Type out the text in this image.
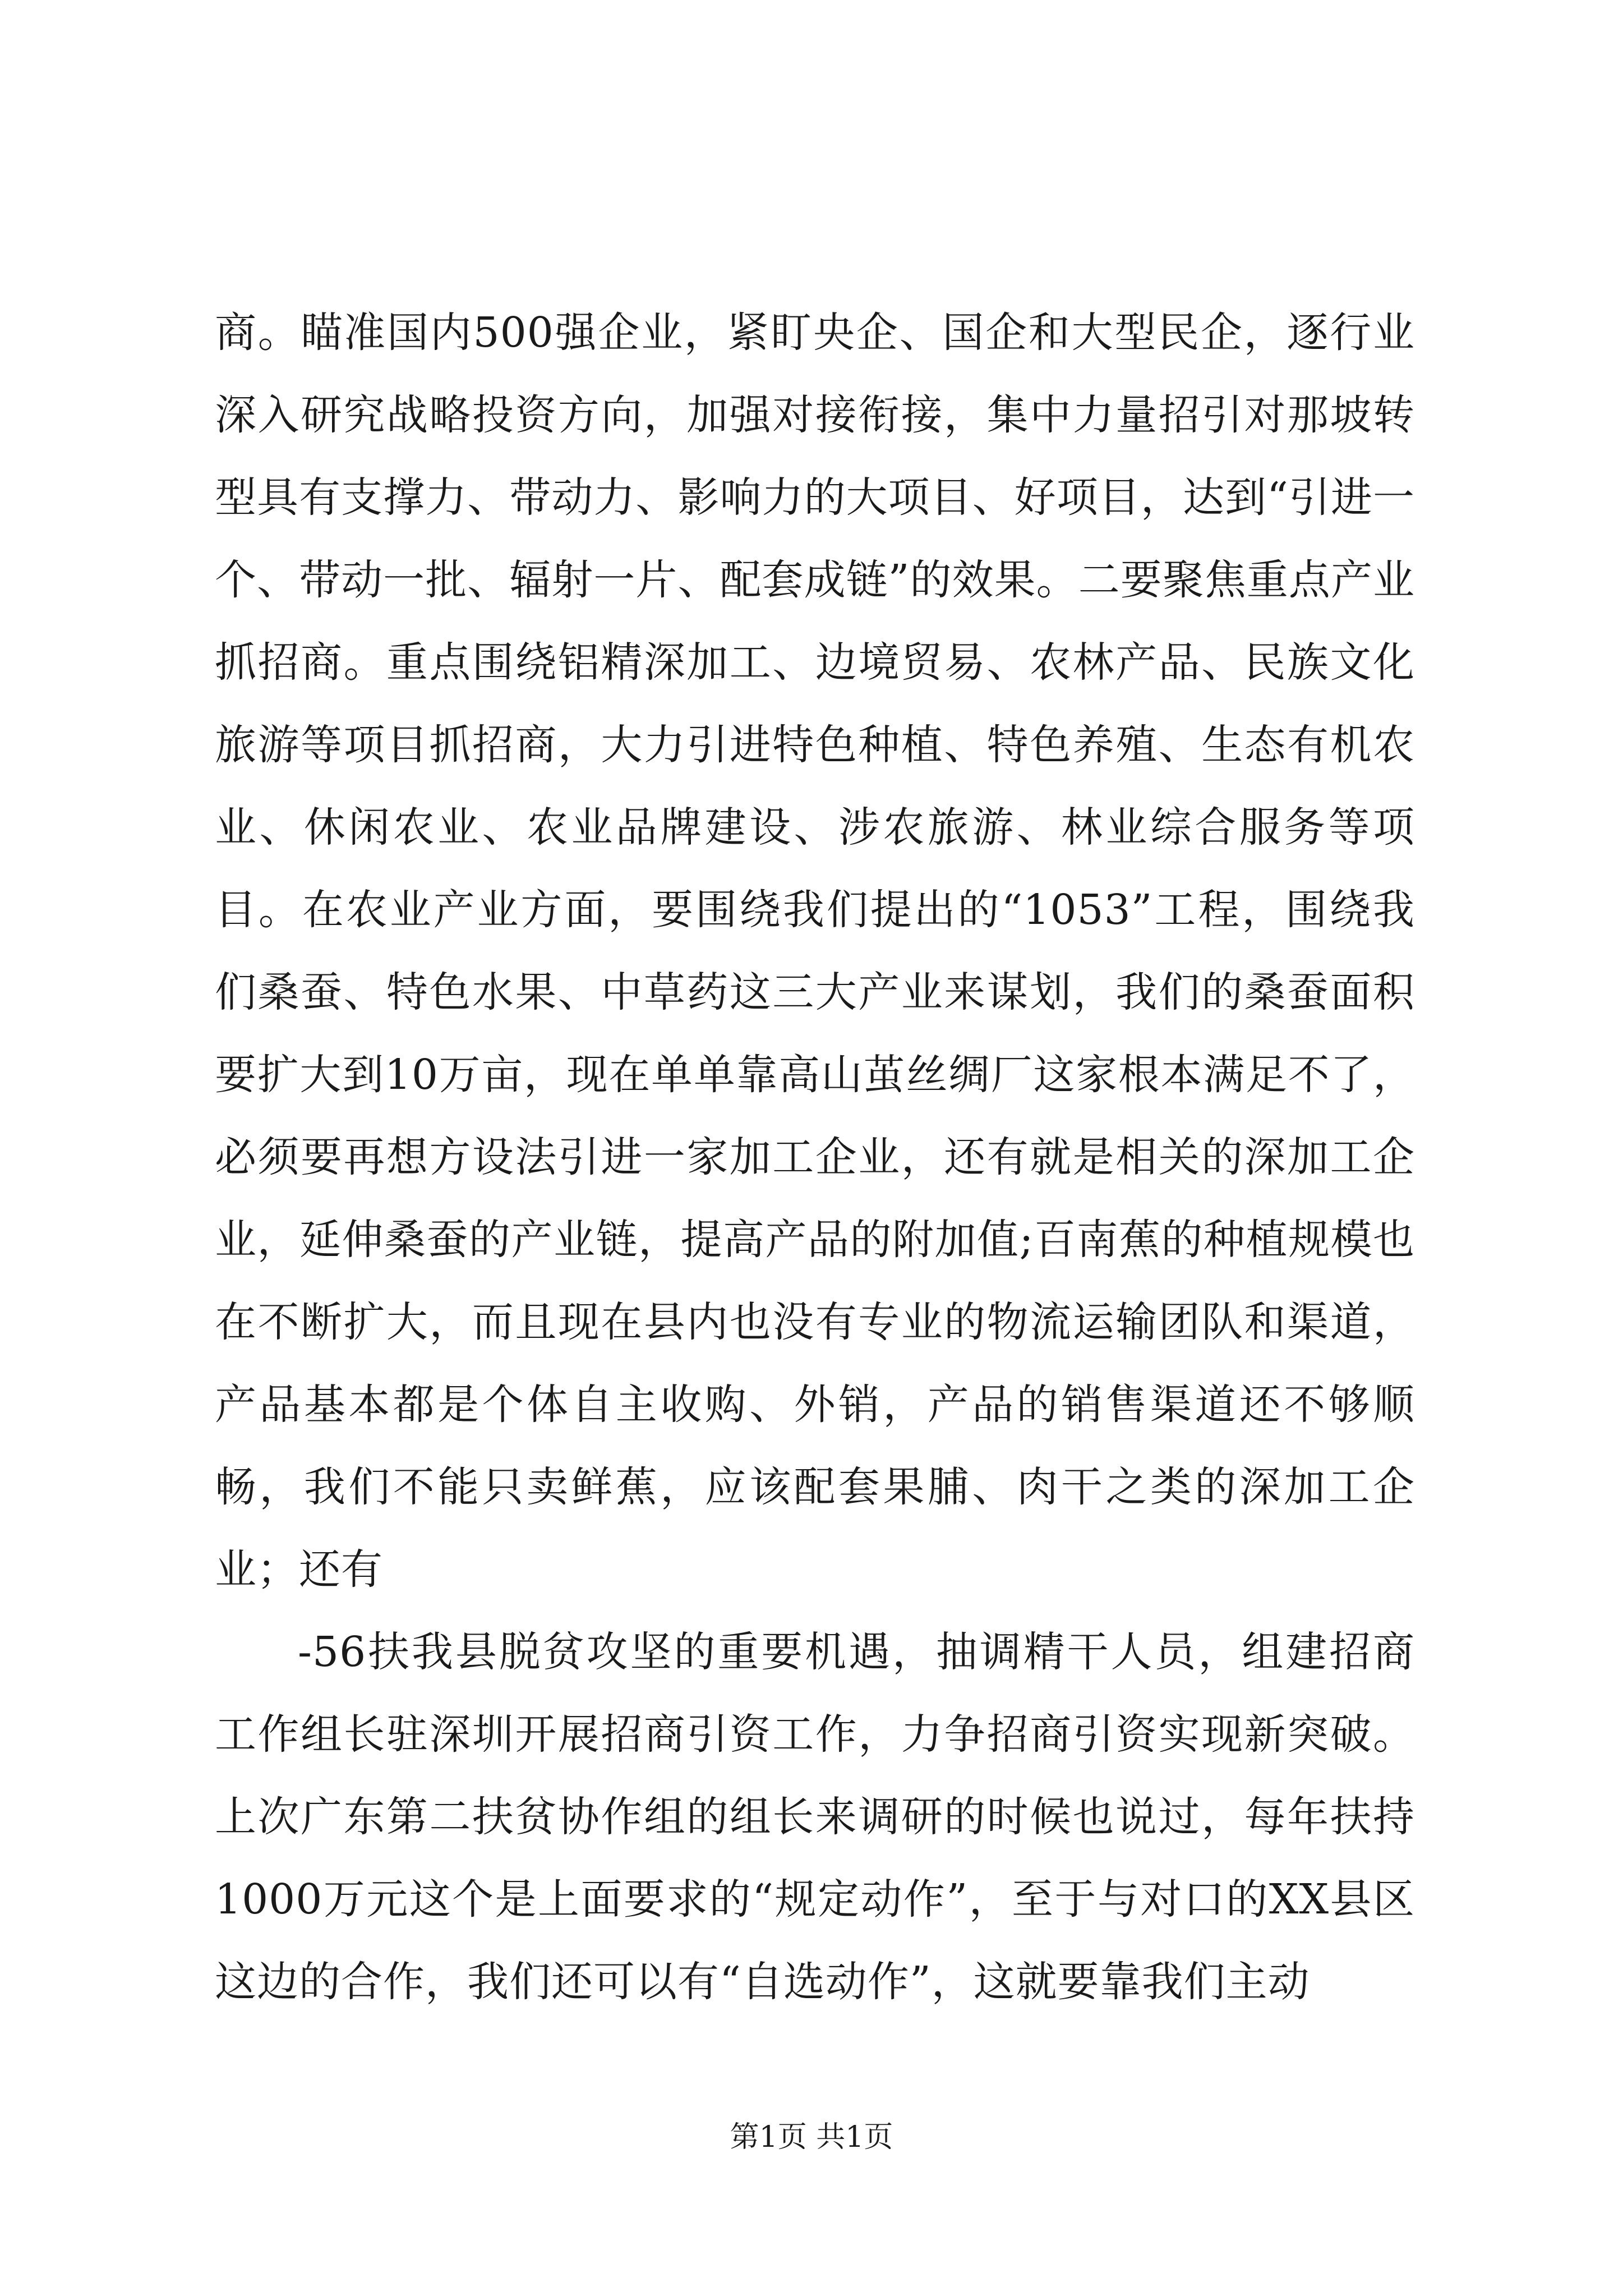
商。瞄准国内500强企业，紧盯央企、国企和大型民企，逐行业深入研究战略投资方向，加强对接衔接，集中力量招引对那坡转型具有支撑力、带动力、影响力的大项目、好项目，达到“引进一个、带动一批、辐射一片、配套成链”的效果。二要聚焦重点产业抓招商。重点围绕铝精深加工、边境贸易、农林产品、民族文化旅游等项目抓招商，大力引进特色种植、特色养殖、生态有机农业、休闲农业、农业品牌建设、涉农旅游、林业综合服务等项目。在农业产业方面，要围绕我们提出的“1053”工程，围绕我们桑蚕、特色水果、中草药这三大产业来谋划，我们的桑蚕面积要扩大到10万亩，现在单单靠高山茧丝绸厂这家根本满足不了，必须要再想方设法引进一家加工企业，还有就是相关的深加工企业，延伸桑蚕的产业链，提高产品的附加值;百南蕉的种植规模也在不断扩大，而且现在县内也没有专业的物流运输团队和渠道，产品基本都是个体自主收购、外销，产品的销售渠道还不够顺畅，我们不能只卖鲜蕉，应该配套果脯、肉干之类的深加工企业；还有

-56扶我县脱贫攻坚的重要机遇，抽调精干人员，组建招商工作组长驻深圳开展招商引资工作，力争招商引资实现新突破。上次广东第二扶贫协作组的组长来调研的时候也说过，每年扶持1000万元这个是上面要求的“规定动作”，至于与对口的XX县区这边的合作，我们还可以有“自选动作”，这就要靠我们主动

第1页 共1页
